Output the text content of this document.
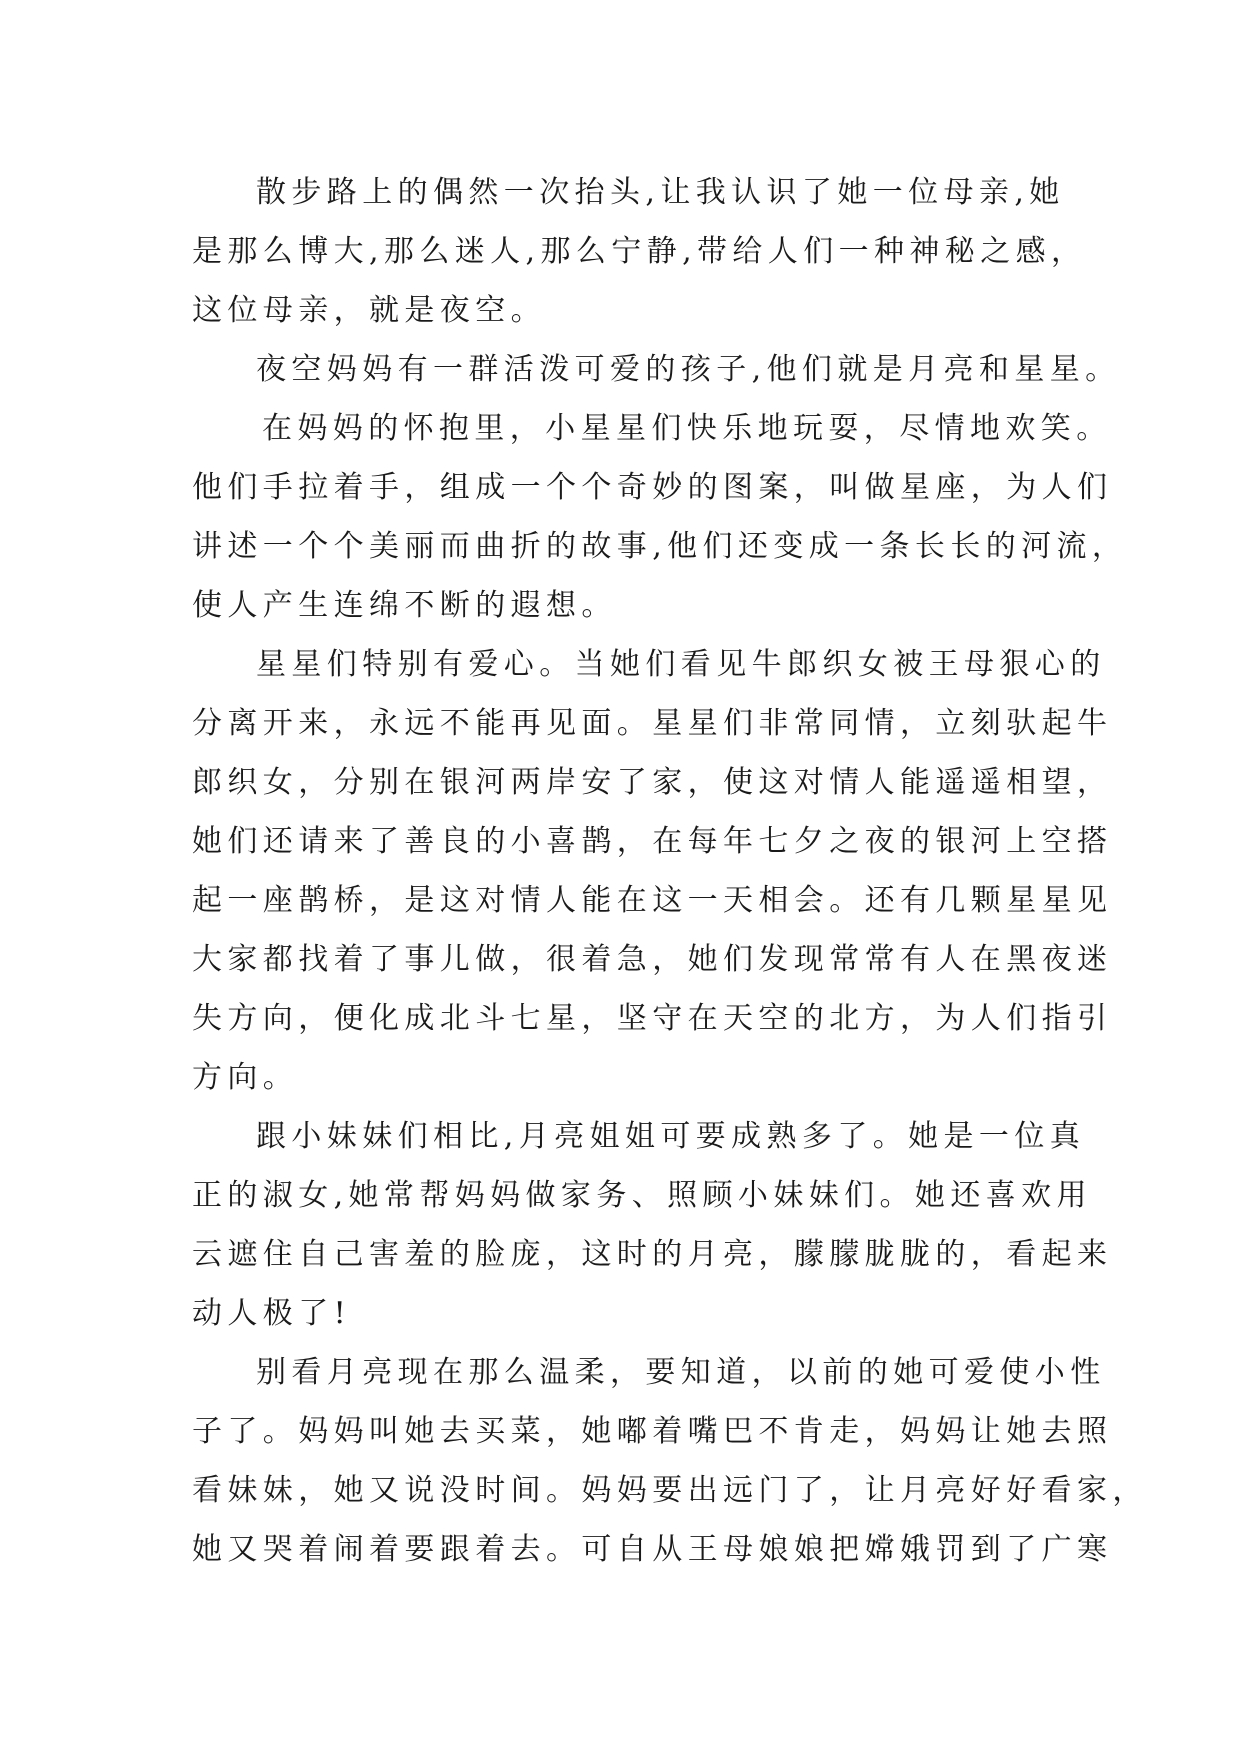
散步路上的偶然一次抬头,让我认识了她一位母亲,她
是那么博大,那么迷人,那么宁静,带给人们一种神秘之感，
这位母亲，就是夜空。
夜空妈妈有一群活泼可爱的孩子,他们就是月亮和星星。
在妈妈的怀抱里，小星星们快乐地玩耍，尽情地欢笑。
他们手拉着手，组成一个个奇妙的图案，叫做星座，为人们
讲述一个个美丽而曲折的故事,他们还变成一条长长的河流，
使人产生连绵不断的遐想。
星星们特别有爱心。当她们看见牛郎织女被王母狠心的
分离开来，永远不能再见面。星星们非常同情，立刻驮起牛
郎织女，分别在银河两岸安了家，使这对情人能遥遥相望，
她们还请来了善良的小喜鹊，在每年七夕之夜的银河上空搭
起一座鹊桥，是这对情人能在这一天相会。还有几颗星星见
大家都找着了事儿做，很着急，她们发现常常有人在黑夜迷
失方向，便化成北斗七星，坚守在天空的北方，为人们指引
方向。
跟小妹妹们相比,月亮姐姐可要成熟多了。她是一位真
正的淑女,她常帮妈妈做家务、照顾小妹妹们。她还喜欢用
云遮住自己害羞的脸庞，这时的月亮，朦朦胧胧的，看起来
动人极了!
别看月亮现在那么温柔，要知道，以前的她可爱使小性
子了。妈妈叫她去买菜，她嘟着嘴巴不肯走，妈妈让她去照
看妹妹，她又说没时间。妈妈要出远门了，让月亮好好看家，
她又哭着闹着要跟着去。可自从王母娘娘把嫦娥罚到了广寒
